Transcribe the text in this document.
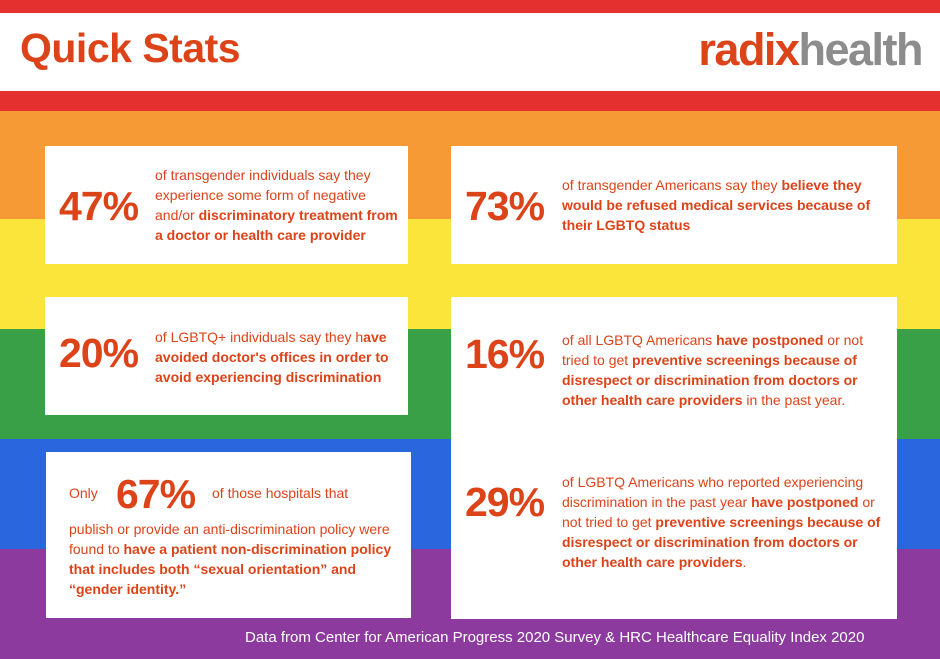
Quick Stats	radixhealth
47%
of transgender individuals say they experience some form of negative and/or discriminatory treatment from a doctor or health care provider
73% of transgender Americans say they believe they would be refused medical services because of their LGBTQ status
20% of LGBTQ+ individuals say they have avoided doctor's offices in order to avoid experiencing discrimination	16% of all LGBTQ Americans have postponed or not tried to get preventive screenings because of disrespect or discrimination from doctors or other health care providers in the past year.
29% of LGBTQ Americans who reported experiencing discrimination in the past year have postponed or not tried to get preventive screenings because of disrespect or discrimination from doctors or other health care providers.
Only 67% of those hospitals that
publish or provide an anti-discrimination policy were found to have a patient non-discrimination policy that includes both “sexual orientation” and “gender identity.”
Data from Center for American Progress 2020 Survey & HRC Healthcare Equality Index 2020
